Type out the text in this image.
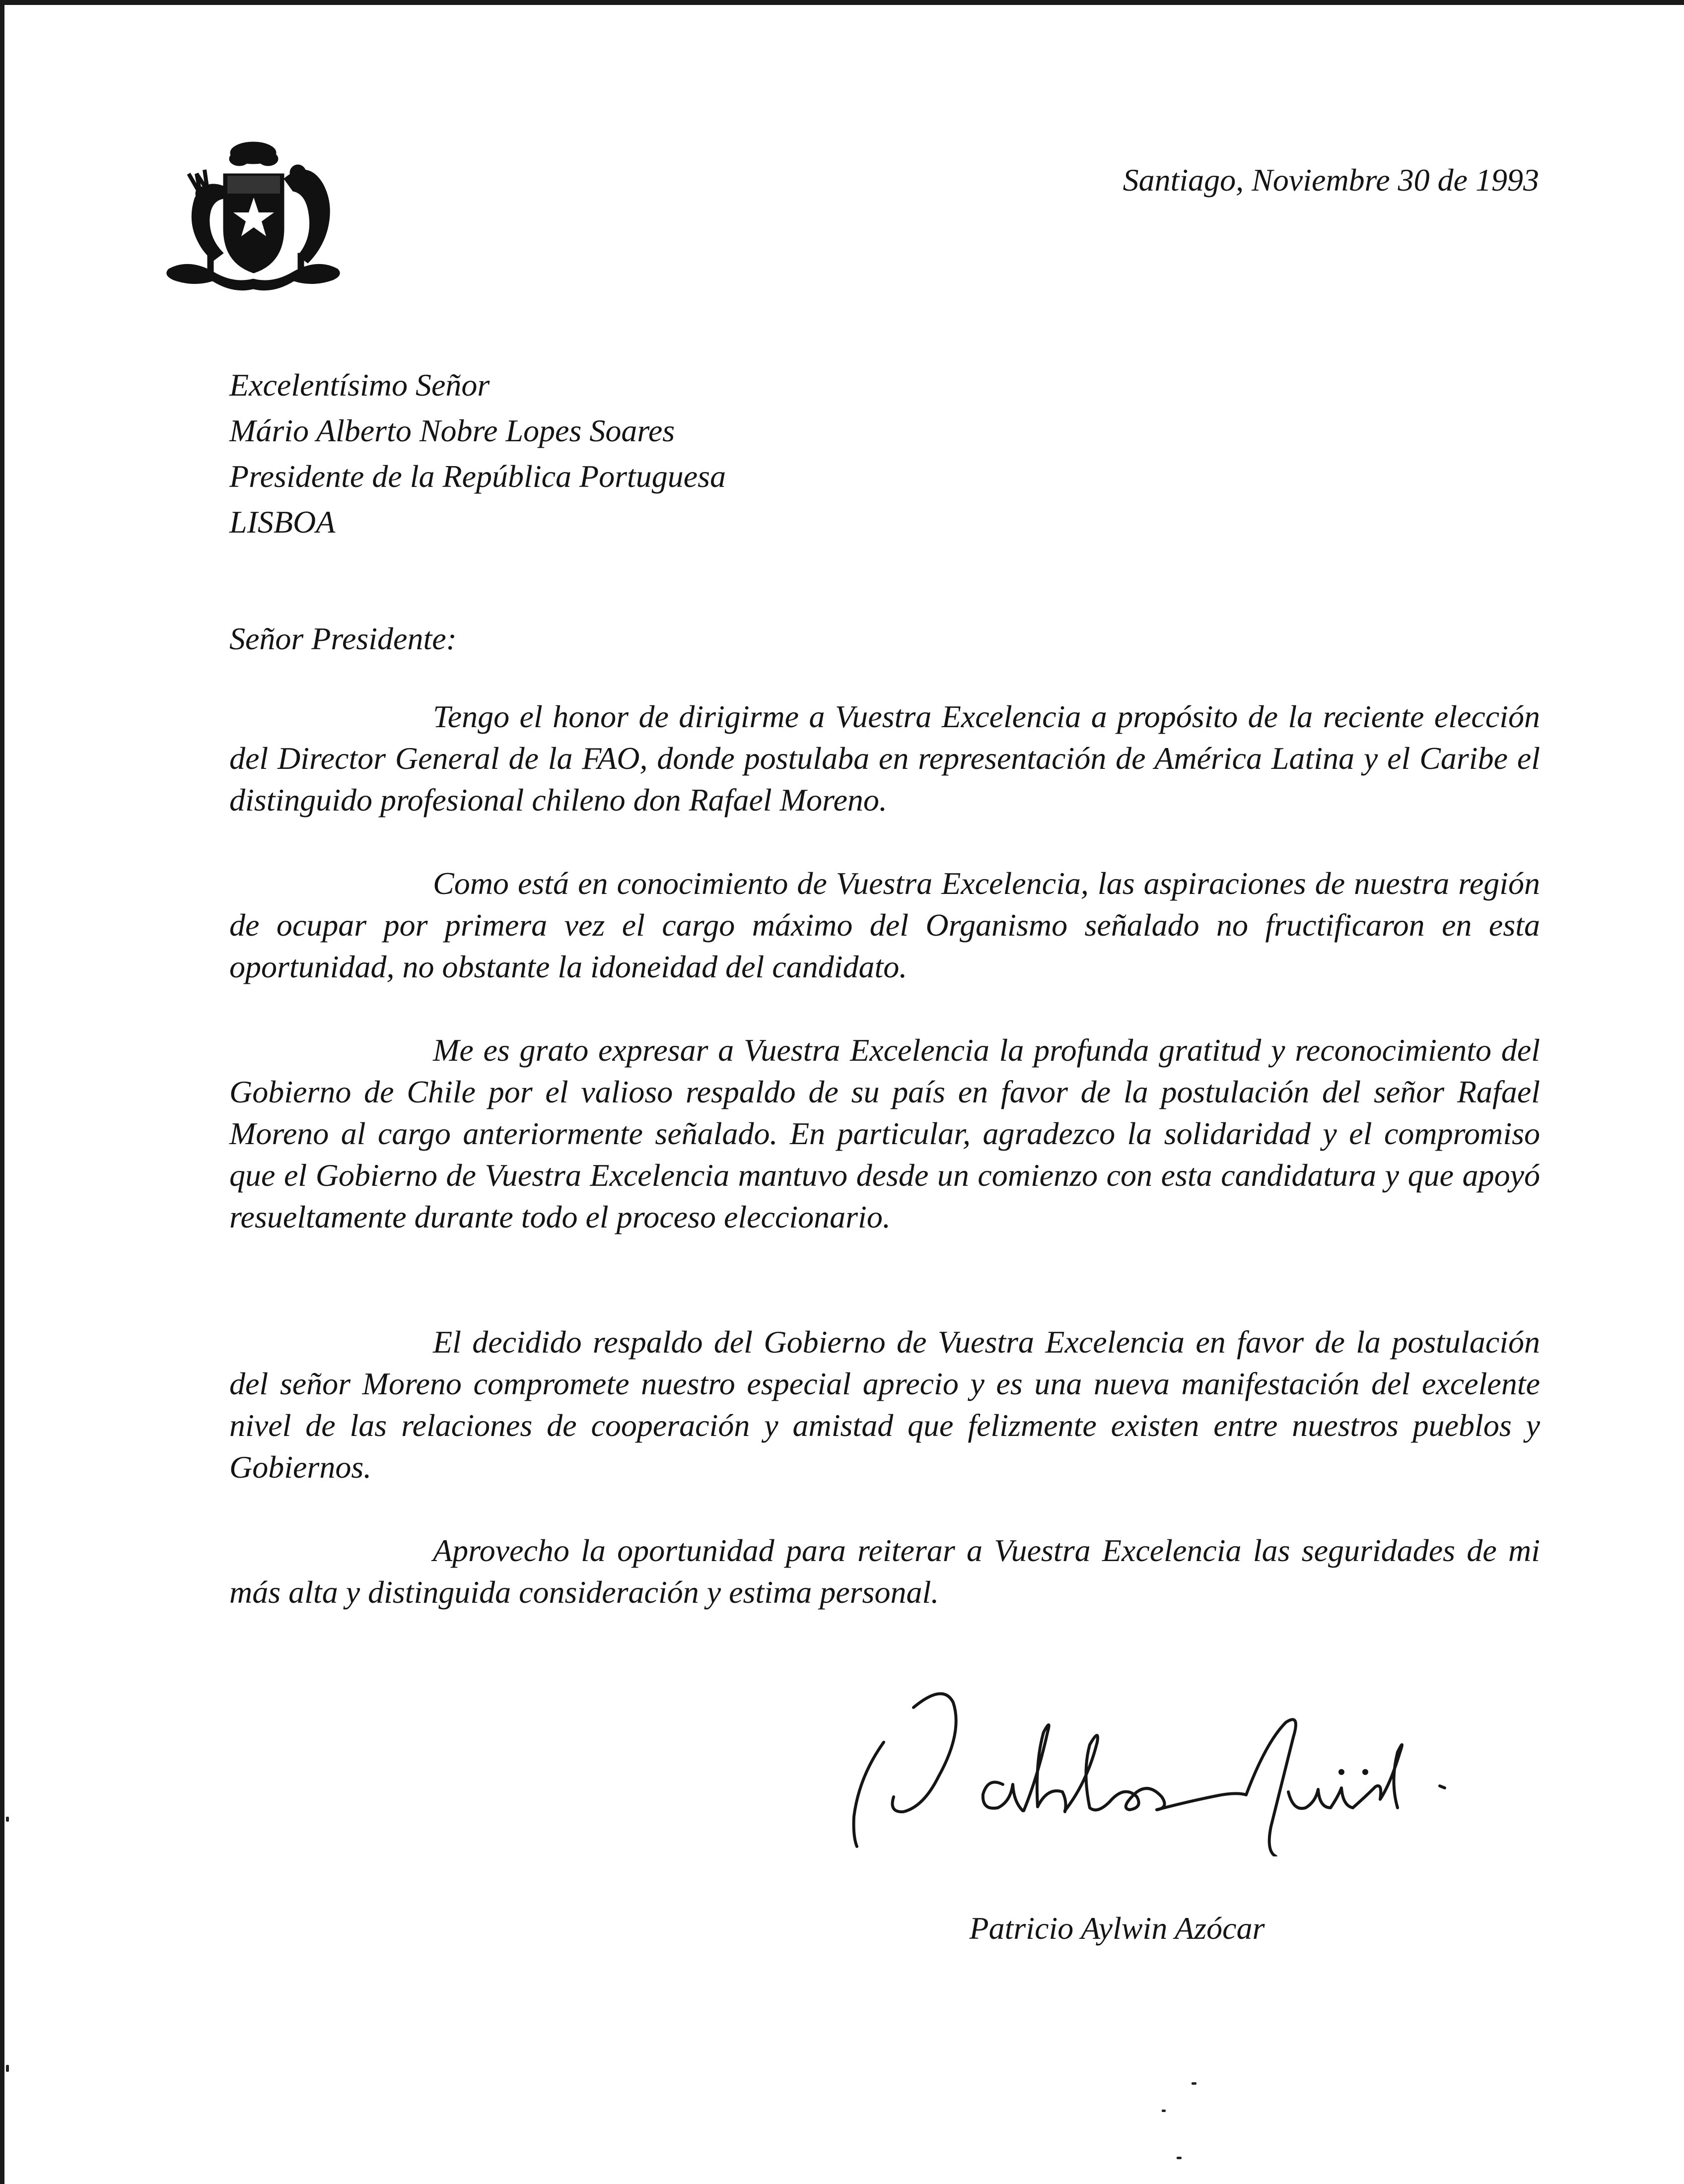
Santiago, Noviembre 30 de 1993
Excelentísimo Señor
Mário Alberto Nobre Lopes Soares
Presidente de la República Portuguesa
LISBOA
Señor Presidente:

Tengo el honor de dirigirme a Vuestra Excelencia a propósito de la reciente elección del Director General de la FAO, donde postulaba en representación de América Latina y el Caribe el distinguido profesional chileno don Rafael Moreno.

Como está en conocimiento de Vuestra Excelencia, las aspiraciones de nuestra región de ocupar por primera vez el cargo máximo del Organismo señalado no fructificaron en esta oportunidad, no obstante la idoneidad del candidato.

Me es grato expresar a Vuestra Excelencia la profunda gratitud y reconocimiento del Gobierno de Chile por el valioso respaldo de su país en favor de la postulación del señor Rafael Moreno al cargo anteriormente señalado. En particular, agradezco la solidaridad y el compromiso que el Gobierno de Vuestra Excelencia mantuvo desde un comienzo con esta candidatura y que apoyó resueltamente durante todo el proceso eleccionario.

El decidido respaldo del Gobierno de Vuestra Excelencia en favor de la postulación del señor Moreno compromete nuestro especial aprecio y es una nueva manifestación del excelente nivel de las relaciones de cooperación y amistad que felizmente existen entre nuestros pueblos y Gobiernos.

Aprovecho la oportunidad para reiterar a Vuestra Excelencia las seguridades de mi más alta y distinguida consideración y estima personal.

Patricio Aylwin Azócar
